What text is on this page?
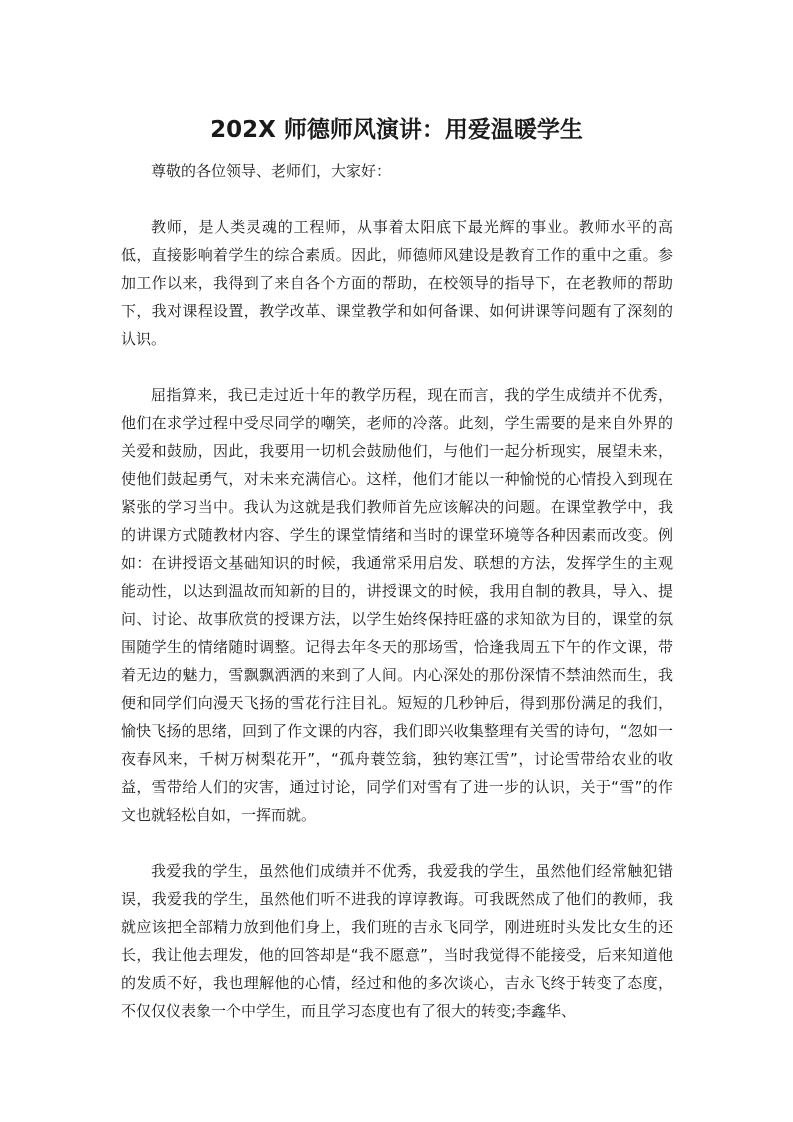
202X 师德师风演讲：用爱温暖学生

尊敬的各位领导、老师们，大家好：

教师，是人类灵魂的工程师，从事着太阳底下最光辉的事业。教师水平的高低，直接影响着学生的综合素质。因此，师德师风建设是教育工作的重中之重。参加工作以来，我得到了来自各个方面的帮助，在校领导的指导下，在老教师的帮助下，我对课程设置，教学改革、课堂教学和如何备课、如何讲课等问题有了深刻的认识。

屈指算来，我已走过近十年的教学历程，现在而言，我的学生成绩并不优秀，他们在求学过程中受尽同学的嘲笑，老师的冷落。此刻，学生需要的是来自外界的关爱和鼓励，因此，我要用一切机会鼓励他们，与他们一起分析现实，展望未来，使他们鼓起勇气，对未来充满信心。这样，他们才能以一种愉悦的心情投入到现在紧张的学习当中。我认为这就是我们教师首先应该解决的问题。在课堂教学中，我的讲课方式随教材内容、学生的课堂情绪和当时的课堂环境等各种因素而改变。例如：在讲授语文基础知识的时候，我通常采用启发、联想的方法，发挥学生的主观能动性，以达到温故而知新的目的，讲授课文的时候，我用自制的教具，导入、提问、讨论、故事欣赏的授课方法，以学生始终保持旺盛的求知欲为目的，课堂的氛围随学生的情绪随时调整。记得去年冬天的那场雪，恰逢我周五下午的作文课，带着无边的魅力，雪飘飘洒洒的来到了人间。内心深处的那份深情不禁油然而生，我便和同学们向漫天飞扬的雪花行注目礼。短短的几秒钟后，得到那份满足的我们，愉快飞扬的思绪，回到了作文课的内容，我们即兴收集整理有关雪的诗句，“忽如一夜春风来，千树万树梨花开”，“孤舟蓑笠翁，独钓寒江雪”，讨论雪带给农业的收益，雪带给人们的灾害，通过讨论，同学们对雪有了进一步的认识，关于“雪”的作文也就轻松自如，一挥而就。

我爱我的学生，虽然他们成绩并不优秀，我爱我的学生，虽然他们经常触犯错误，我爱我的学生，虽然他们听不进我的谆谆教诲。可我既然成了他们的教师，我就应该把全部精力放到他们身上，我们班的吉永飞同学，刚进班时头发比女生的还长，我让他去理发，他的回答却是“我不愿意”，当时我觉得不能接受，后来知道他的发质不好，我也理解他的心情，经过和他的多次谈心，吉永飞终于转变了态度，不仅仅仪表象一个中学生，而且学习态度也有了很大的转变;李鑫华、
